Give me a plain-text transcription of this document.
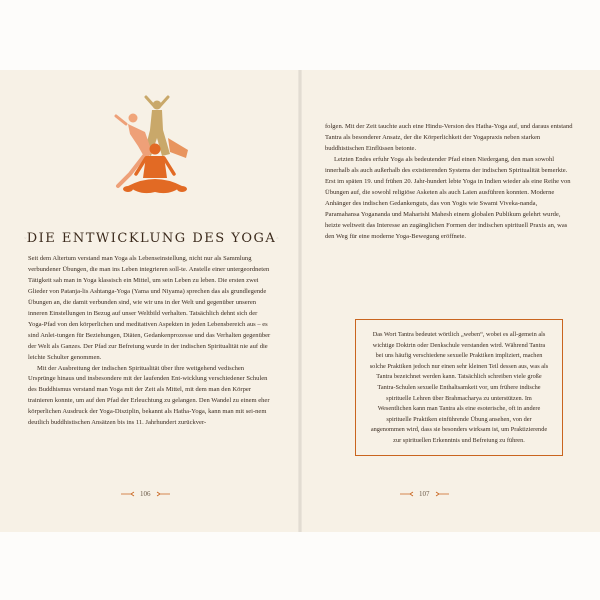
DIE ENTWICKLUNG DES YOGA

Seit dem Altertum verstand man Yoga als Lebenseinstellung, nicht nur als Sammlung verbundener Übungen, die man ins Leben integrieren soll-te. Anstelle einer untergeordneten Tätigkeit sah man in Yoga klassisch ein Mittel, um sein Leben zu leben. Die ersten zwei Glieder von Patanja-lis Ashtanga-Yoga (Yama und Niyama) sprechen das als grundlegende Übungen an, die damit verbunden sind, wie wir uns in der Welt und gegenüber unseren inneren Einstellungen in Bezug auf unser Weltbild verhalten. Tatsächlich dehnt sich der Yoga-Pfad von den körperlichen und meditativen Aspekten in jeden Lebensbereich aus – es sind Anlei-tungen für Beziehungen, Diäten, Gedankenprozesse und das Verhalten gegenüber der Welt als Ganzes. Der Pfad zur Befreiung wurde in der indischen Spiritualität nie auf die leichte Schulter genommen.

Mit der Ausbreitung der indischen Spiritualität über ihre weitgehend vedischen Ursprünge hinaus und insbesondere mit der laufenden Ent-wicklung verschiedener Schulen des Buddhismus verstand man Yoga mit der Zeit als Mittel, mit dem man den Körper trainieren konnte, um auf den Pfad der Erleuchtung zu gelangen. Den Wandel zu einem eher körperlichen Ausdruck der Yoga-Disziplin, bekannt als Hatha-Yoga, kann man mit sei-nem deutlich buddhistischen Ansätzen bis ins 11. Jahrhundert zurückver-

106

folgen. Mit der Zeit tauchte auch eine Hindu-Version des Hatha-Yoga auf, und daraus entstand Tantra als besonderer Ansatz, der die Körperlichkeit der Yogapraxis neben starken buddhistischen Einflüssen betonte.

Letzten Endes erfuhr Yoga als bedeutender Pfad einen Niedergang, den man sowohl innerhalb als auch außerhalb des existierenden Systems der indischen Spiritualität bemerkte. Erst im späten 19. und frühen 20. Jahr-hundert lebte Yoga in Indien wieder als eine Reihe von Übungen auf, die sowohl religiöse Asketen als auch Laien ausführen konnten. Moderne Anhänger des indischen Gedankenguts, das von Yogis wie Swami Viveka-nanda, Paramahansa Yogananda und Maharishi Mahesh einem globalen Publikum gelehrt wurde, heizte weltweit das Interesse an zugänglichen Formen der indischen spirituell Praxis an, was den Weg für eine moderne Yoga-Bewegung eröffnete.

Das Wort Tantra bedeutet wörtlich „weben“, wobei es all-gemein als wichtige Doktrin oder Denkschule verstanden wird. Während Tantra bei uns häufig verschiedene sexuelle Praktiken impliziert, machen solche Praktiken jedoch nur einen sehr kleinen Teil dessen aus, was als Tantra bezeichnet werden kann. Tatsächlich schreiben viele große Tantra-Schulen sexuelle Enthaltsamkeit vor, um frühere indische spirituelle Lehren über Brahmacharya zu unterstützen. Im Wesentlichen kann man Tantra als eine esoterische, oft in andere spirituelle Praktiken einführende Übung ansehen, von der angenommen wird, dass sie besonders wirksam ist, um Praktizierende zur spirituellen Erkenntnis und Befreiung zu führen.

107
